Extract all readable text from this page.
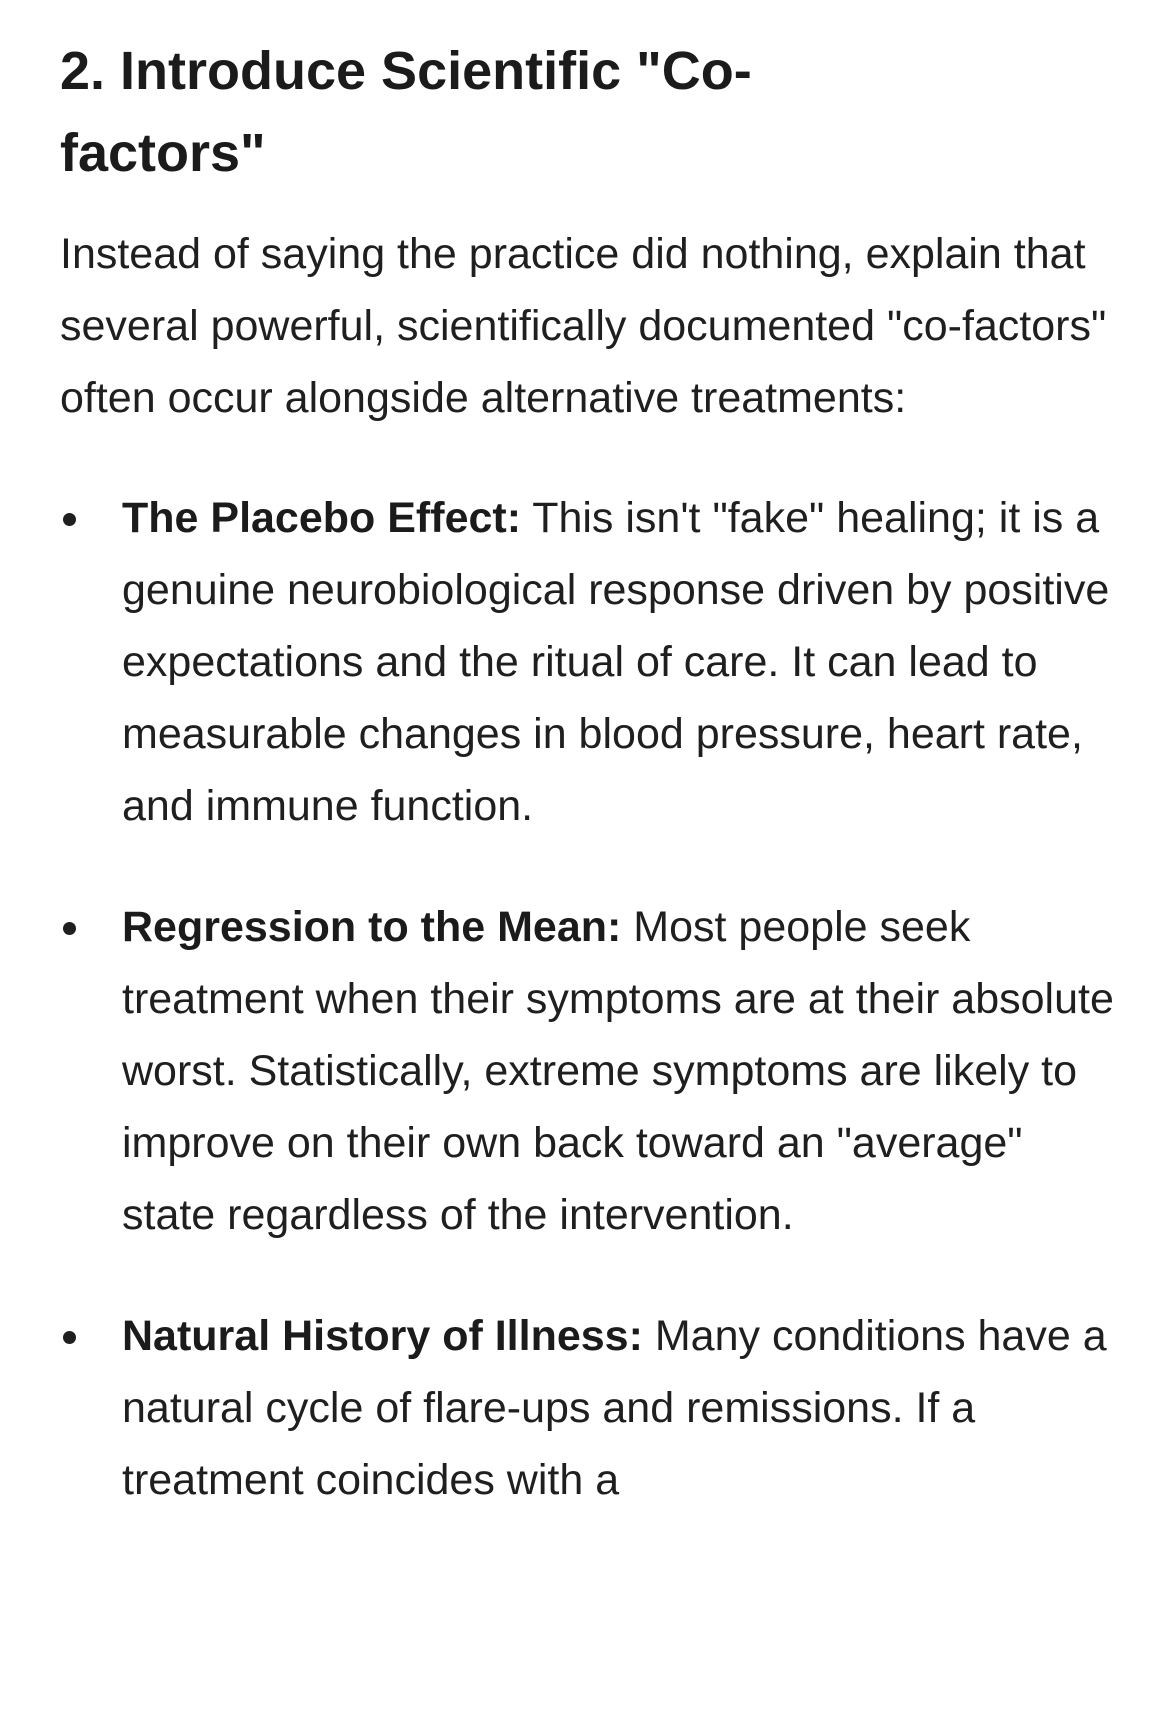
2. Introduce Scientific "Co-factors"

Instead of saying the practice did nothing, explain that several powerful, scientifically documented "co-factors" often occur alongside alternative treatments:

The Placebo Effect: This isn't "fake" healing; it is a genuine neurobiological response driven by positive expectations and the ritual of care. It can lead to measurable changes in blood pressure, heart rate, and immune function.
Regression to the Mean: Most people seek treatment when their symptoms are at their absolute worst. Statistically, extreme symptoms are likely to improve on their own back toward an "average" state regardless of the intervention.
Natural History of Illness: Many conditions have a natural cycle of flare-ups and remissions. If a treatment coincides with a
